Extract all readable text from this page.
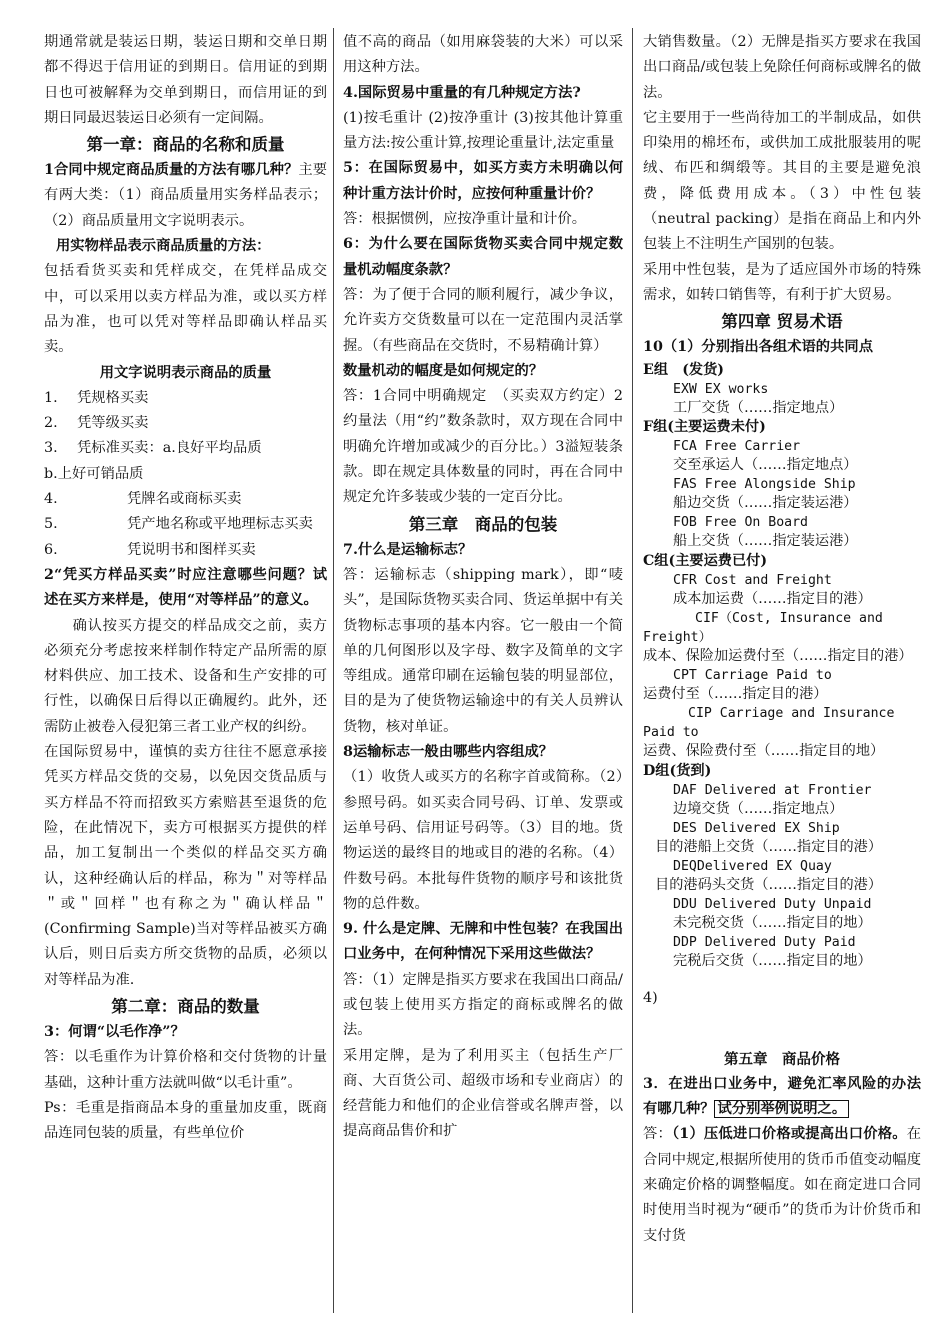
期通常就是装运日期，装运日期和交单日期都不得迟于信用证的到期日。信用证的到期日也可被解释为交单到期日，而信用证的到期日同最迟装运日必须有一定间隔。

第一章：商品的名称和质量

1合同中规定商品质量的方法有哪几种？主要有两大类：（1）商品质量用实务样品表示；（2）商品质量用文字说明表示。

用实物样品表示商品质量的方法：

包括看货买卖和凭样成交，在凭样品成交中，可以采用以卖方样品为准，或以买方样品为准，也可以凭对等样品即确认样品买卖。

用文字说明表示商品的质量
1.	凭规格买卖
2.	凭等级买卖
3.	凭标准买卖：a.良好平均品质
b.上好可销品质
4.	凭牌名或商标买卖
5.	凭产地名称或平地理标志买卖
6.	凭说明书和图样买卖

2“凭买方样品买卖”时应注意哪些问题？试述在买方来样是，使用“对等样品”的意义。

确认按买方提交的样品成交之前，卖方必须充分考虑按来样制作特定产品所需的原材料供应、加工技术、设备和生产安排的可行性，以确保日后得以正确履约。此外，还需防止被卷入侵犯第三者工业产权的纠纷。

在国际贸易中，谨慎的卖方往往不愿意承接凭买方样品交货的交易，以免因交货品质与买方样品不符而招致买方索赔甚至退货的危险，在此情况下，卖方可根据买方提供的样品，加工复制出一个类似的样品交买方确认，这种经确认后的样品，称为＂对等样品＂或＂回样＂也有称之为＂确认样品＂(Confirming Sample)当对等样品被买方确认后，则日后卖方所交货物的品质，必须以对等样品为准.

第二章：商品的数量

3：何谓“以毛作净”？

答：以毛重作为计算价格和交付货物的计量基础，这种计重方法就叫做“以毛计重”。

Ps：毛重是指商品本身的重量加皮重，既商品连同包装的质量，有些单位价

值不高的商品（如用麻袋装的大米）可以采用这种方法。

4.国际贸易中重量的有几种规定方法?

(1)按毛重计 (2)按净重计 (3)按其他计算重量方法:按公重计算,按理论重量计,法定重量

5：在国际贸易中，如买方卖方未明确以何种计重方法计价时，应按何种重量计价？

答：根据惯例，应按净重计量和计价。

6：为什么要在国际货物买卖合同中规定数量机动幅度条款？

答：为了便于合同的顺利履行，减少争议，允许卖方交货数量可以在一定范围内灵活掌握。（有些商品在交货时，不易精确计算）

数量机动的幅度是如何规定的？

答：1合同中明确规定　（买卖双方约定）2约量法（用“约”数条款时，双方现在合同中明确允许增加或减少的百分比。）3溢短装条款。即在规定具体数量的同时，再在合同中规定允许多装或少装的一定百分比。

第三章　商品的包装

7.什么是运输标志？

答：运输标志（shipping mark），即“唛头”，是国际货物买卖合同、货运单据中有关货物标志事项的基本内容。它一般由一个简单的几何图形以及字母、数字及简单的文字等组成。通常印刷在运输包装的明显部位，目的是为了使货物运输途中的有关人员辨认货物，核对单证。

8运输标志一般由哪些内容组成？

（1）收货人或买方的名称字首或简称。（2）参照号码。如买卖合同号码、订单、发票或运单号码、信用证号码等。（3）目的地。货物运送的最终目的地或目的港的名称。（4）件数号码。本批每件货物的顺序号和该批货物的总件数。

9. 什么是定牌、无牌和中性包装？在我国出口业务中，在何种情况下采用这些做法？

答：（1）定牌是指买方要求在我国出口商品/或包装上使用买方指定的商标或牌名的做法。

采用定牌，是为了利用买主（包括生产厂商、大百货公司、超级市场和专业商店）的经营能力和他们的企业信誉或名牌声誉，以提高商品售价和扩

大销售数量。（2）无牌是指买方要求在我国出口商品/或包装上免除任何商标或牌名的做法。

它主要用于一些尚待加工的半制成品，如供印染用的棉坯布，或供加工成批服装用的呢绒、布匹和绸缎等。其目的主要是避免浪费，降低费用成本。（3）中性包装（neutral packing）是指在商品上和内外包装上不注明生产国别的包装。

采用中性包装，是为了适应国外市场的特殊需求，如转口销售等，有利于扩大贸易。

第四章 贸易术语

10（1）分别指出各组术语的共同点

E组　(发货)
EXW EX works
工厂交货（……指定地点）
F组(主要运费未付)
FCA Free Carrier
交至承运人（……指定地点）
FAS Free Alongside Ship
船边交货（……指定装运港）
FOB Free On Board
船上交货（……指定装运港）
C组(主要运费已付)
CFR Cost and Freight
成本加运费（……指定目的港）
CIF（Cost, Insurance and Freight）
成本、保险加运费付至（……指定目的港）
CPT Carriage Paid to
运费付至（……指定目的港）
CIP Carriage and Insurance Paid to
运费、保险费付至（……指定目的地）
D组(货到)
DAF Delivered at Frontier
边境交货（……指定地点）
DES Delivered EX Ship
目的港船上交货（……指定目的港）
DEQDelivered EX Quay
目的港码头交货（……指定目的港）
DDU Delivered Duty Unpaid
未完税交货（……指定目的地）
DDP Delivered Duty Paid
完税后交货（……指定目的地）
4)
第五章　商品价格

3．在进出口业务中，避免汇率风险的办法有哪几种？ 试分别举例说明之。

答：（1）压低进口价格或提高出口价格。在合同中规定,根据所使用的货币币值变动幅度来确定价格的调整幅度。如在商定进口合同时使用当时视为“硬币”的货币为计价货币和支付货
